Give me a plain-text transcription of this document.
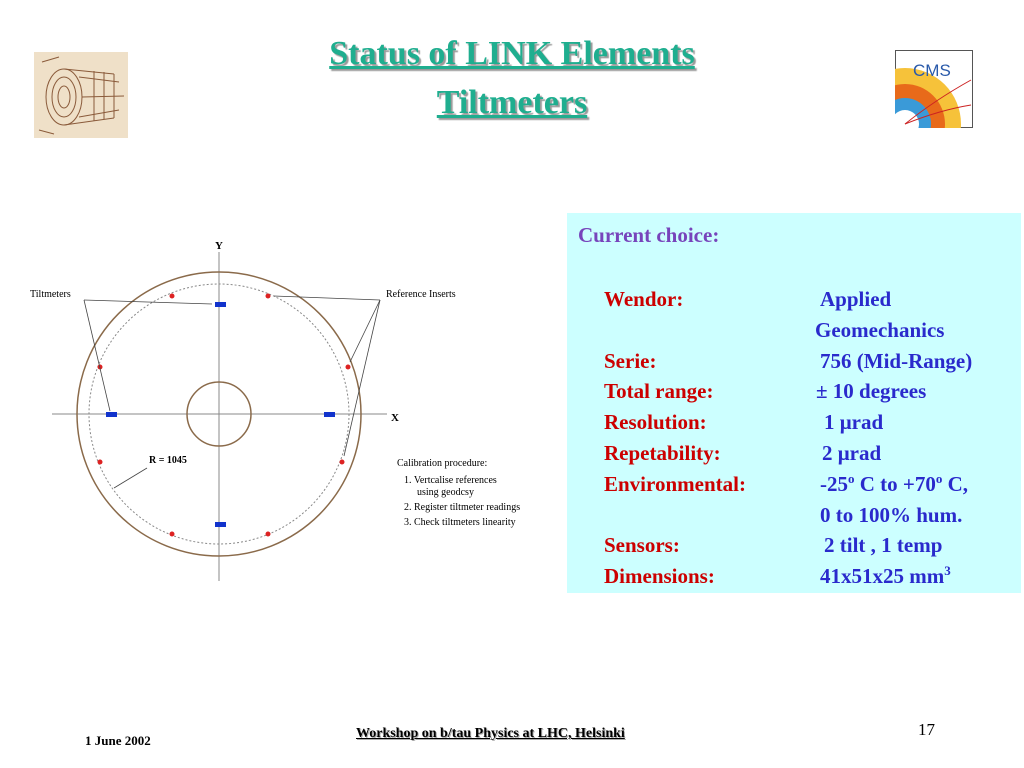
Status of LINK Elements
Tiltmeters
CMS
Y
X
Tiltmeters	Reference Inserts
R = 1045	Calibration procedure:
1. Vertcalise references
using geodcsy
2. Register tiltmeter readings
3. Check tiltmeters linearity
Current choice:
Wendor:	Applied
Geomechanics
Serie:	756 (Mid-Range)
Total range:	± 10 degrees
Resolution:	1 μrad
Repetability:	2 μrad
Environmental:	-25$^o$ C to $+70^o$ C,
0 to 100% hum.
Sensors:	2 tilt , 1 temp
Dimensions:	41x51x25 $mm^3$
1 June 2002	Workshop on b/tau Physics at LHC, Helsinki	17
